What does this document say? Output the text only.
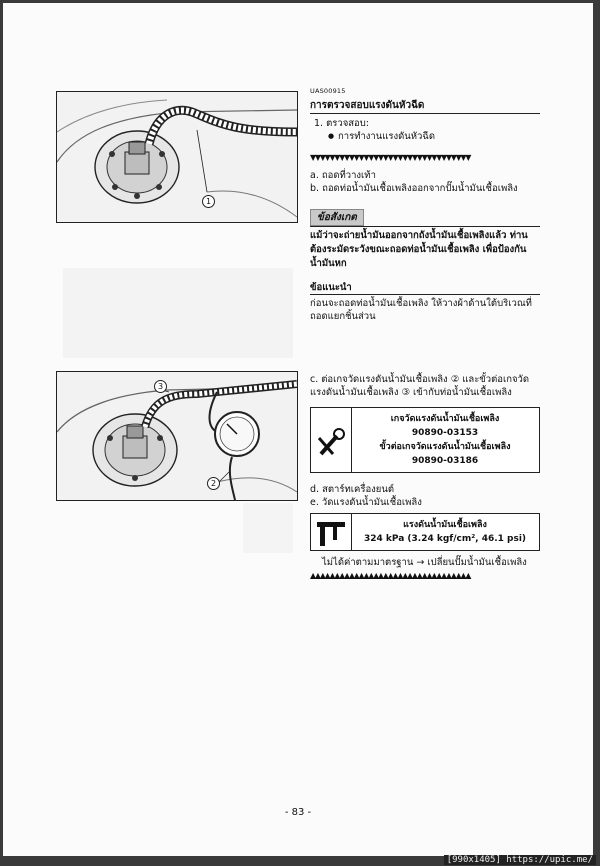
1
3
2
UAS00915
การตรวจสอบแรงดันหัวฉีด
1. ตรวจสอบ:
● การทำงานแรงดันหัวฉีด
▼▼▼▼▼▼▼▼▼▼▼▼▼▼▼▼▼▼▼▼▼▼▼▼▼▼▼▼▼▼▼▼▼
a. ถอดที่วางเท้า
b. ถอดท่อน้ำมันเชื้อเพลิงออกจากปั๊มน้ำมันเชื้อเพลิง
ข้อสังเกต
แม้ว่าจะถ่ายน้ำมันออกจากถังน้ำมันเชื้อเพลิงแล้ว ท่านต้องระมัดระวังขณะถอดท่อน้ำมันเชื้อเพลิง เพื่อป้องกันน้ำมันหก
ข้อแนะนำ
ก่อนจะถอดท่อน้ำมันเชื้อเพลิง ให้วางผ้าด้านใต้บริเวณที่ถอดแยกชิ้นส่วน
c. ต่อเกจวัดแรงดันน้ำมันเชื้อเพลิง ② และขั้วต่อเกจวัดแรงดันน้ำมันเชื้อเพลิง ③ เข้ากับท่อน้ำมันเชื้อเพลิง
เกจวัดแรงดันน้ำมันเชื้อเพลิง
90890-03153
ขั้วต่อเกจวัดแรงดันน้ำมันเชื้อเพลิง
90890-03186
d. สตาร์ทเครื่องยนต์
e. วัดแรงดันน้ำมันเชื้อเพลิง
แรงดันน้ำมันเชื้อเพลิง
324 kPa (3.24 kgf/cm², 46.1 psi)
ไม่ได้ค่าตามมาตรฐาน → เปลี่ยนปั๊มน้ำมันเชื้อเพลิง
▲▲▲▲▲▲▲▲▲▲▲▲▲▲▲▲▲▲▲▲▲▲▲▲▲▲▲▲▲▲▲▲▲
- 83 -
[990x1405] https://upic.me/
